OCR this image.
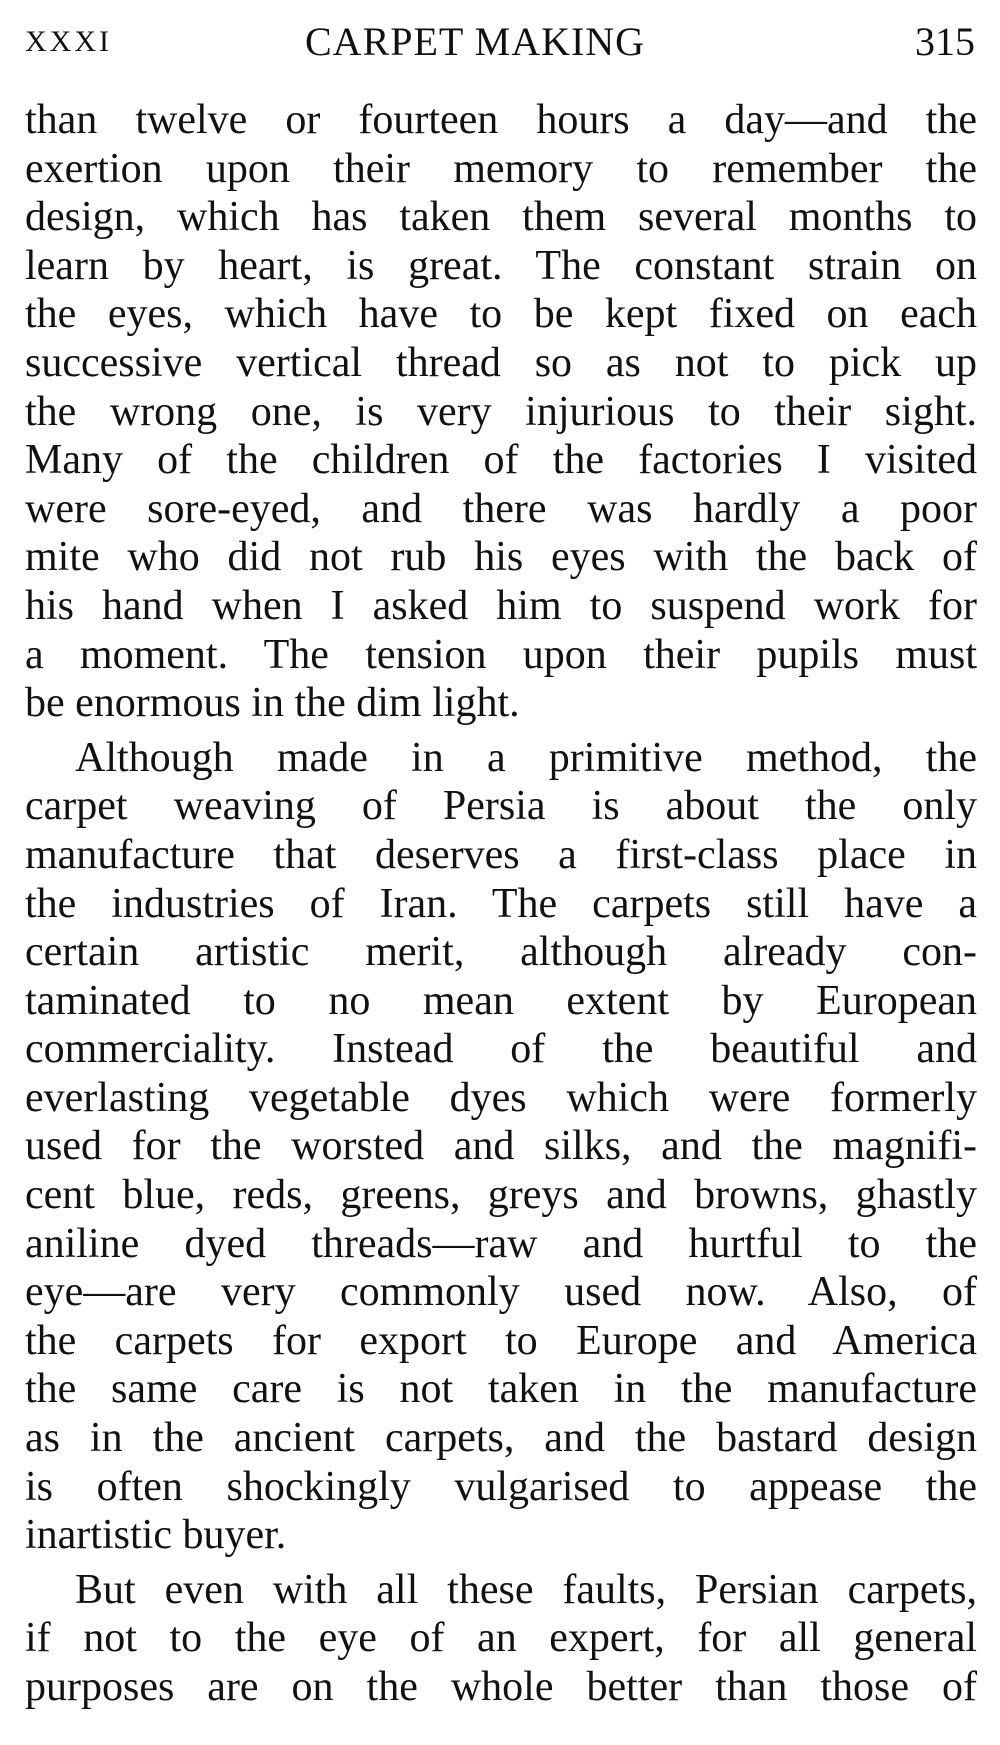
XXXI	CARPET MAKING	315
than twelve or fourteen hours a day—and the
exertion upon their memory to remember the
design, which has taken them several months to
learn by heart, is great. The constant strain on
the eyes, which have to be kept fixed on each
successive vertical thread so as not to pick up
the wrong one, is very injurious to their sight.
Many of the children of the factories I visited
were sore-eyed, and there was hardly a poor
mite who did not rub his eyes with the back of
his hand when I asked him to suspend work for
a moment. The tension upon their pupils must
be enormous in the dim light.
Although made in a primitive method, the
carpet weaving of Persia is about the only
manufacture that deserves a first-class place in
the industries of Iran. The carpets still have a
certain artistic merit, although already con-
taminated to no mean extent by European
commerciality. Instead of the beautiful and
everlasting vegetable dyes which were formerly
used for the worsted and silks, and the magnifi-
cent blue, reds, greens, greys and browns, ghastly
aniline dyed threads—raw and hurtful to the
eye—are very commonly used now. Also, of
the carpets for export to Europe and America
the same care is not taken in the manufacture
as in the ancient carpets, and the bastard design
is often shockingly vulgarised to appease the
inartistic buyer.
But even with all these faults, Persian carpets,
if not to the eye of an expert, for all general
purposes are on the whole better than those of
